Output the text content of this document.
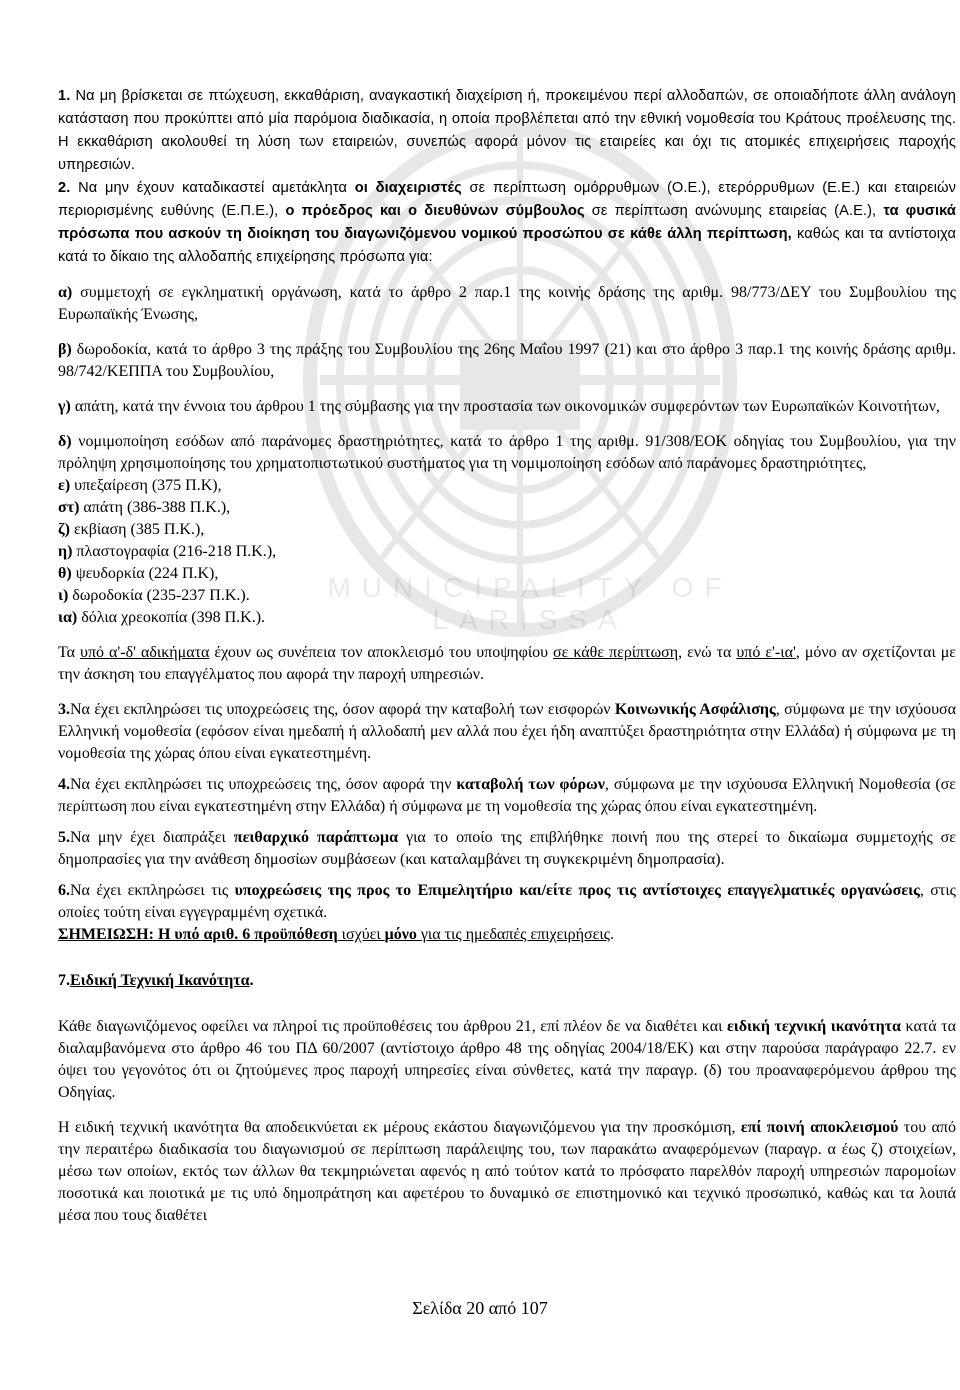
MUNICIPALITY OF LARISSA

1. Να μη βρίσκεται σε πτώχευση, εκκαθάριση, αναγκαστική διαχείριση ή, προκειμένου περί αλλοδαπών, σε οποιαδήποτε άλλη ανάλογη κατάσταση που προκύπτει από μία παρόμοια διαδικασία, η οποία προβλέπεται από την εθνική νομοθεσία του Κράτους προέλευσης της. Η εκκαθάριση ακολουθεί τη λύση των εταιρειών, συνεπώς αφορά μόνον τις εταιρείες και όχι τις ατομικές επιχειρήσεις παροχής υπηρεσιών.

2. Να μην έχουν καταδικαστεί αμετάκλητα οι διαχειριστές σε περίπτωση ομόρρυθμων (Ο.Ε.), ετερόρρυθμων (Ε.Ε.) και εταιρειών περιορισμένης ευθύνης (Ε.Π.Ε.), ο πρόεδρος και ο διευθύνων σύμβουλος σε περίπτωση ανώνυμης εταιρείας (Α.Ε.), τα φυσικά πρόσωπα που ασκούν τη διοίκηση του διαγωνιζόμενου νομικού προσώπου σε κάθε άλλη περίπτωση, καθώς και τα αντίστοιχα κατά το δίκαιο της αλλοδαπής επιχείρησης πρόσωπα για:

α) συμμετοχή σε εγκληματική οργάνωση, κατά το άρθρο 2 παρ.1 της κοινής δράσης της αριθμ. 98/773/ΔΕΥ του Συμβουλίου της Ευρωπαϊκής Ένωσης,

β) δωροδοκία, κατά το άρθρο 3 της πράξης του Συμβουλίου της 26ης Μαΐου 1997 (21) και στο άρθρο 3 παρ.1 της κοινής δράσης αριθμ. 98/742/ΚΕΠΠΑ του Συμβουλίου,

γ) απάτη, κατά την έννοια του άρθρου 1 της σύμβασης για την προστασία των οικονομικών συμφερόντων των Ευρωπαϊκών Κοινοτήτων,

δ) νομιμοποίηση εσόδων από παράνομες δραστηριότητες, κατά το άρθρο 1 της αριθμ. 91/308/ΕΟΚ οδηγίας του Συμβουλίου, για την πρόληψη χρησιμοποίησης του χρηματοπιστωτικού συστήματος για τη νομιμοποίηση εσόδων από παράνομες δραστηριότητες,

ε) υπεξαίρεση (375 Π.Κ),

στ) απάτη (386-388 Π.Κ.),

ζ) εκβίαση (385 Π.Κ.),

η) πλαστογραφία (216-218 Π.Κ.),

θ) ψευδορκία (224 Π.Κ),

ι) δωροδοκία (235-237 Π.Κ.).

ια) δόλια χρεοκοπία (398 Π.Κ.).

Τα υπό α'-δ' αδικήματα έχουν ως συνέπεια τον αποκλεισμό του υποψηφίου σε κάθε περίπτωση, ενώ τα υπό ε'-ια', μόνο αν σχετίζονται με την άσκηση του επαγγέλματος που αφορά την παροχή υπηρεσιών.

3.Να έχει εκπληρώσει τις υποχρεώσεις της, όσον αφορά την καταβολή των εισφορών Κοινωνικής Ασφάλισης, σύμφωνα με την ισχύουσα Ελληνική νομοθεσία (εφόσον είναι ημεδαπή ή αλλοδαπή μεν αλλά που έχει ήδη αναπτύξει δραστηριότητα στην Ελλάδα) ή σύμφωνα με τη νομοθεσία της χώρας όπου είναι εγκατεστημένη.

4.Να έχει εκπληρώσει τις υποχρεώσεις της, όσον αφορά την καταβολή των φόρων, σύμφωνα με την ισχύουσα Ελληνική Νομοθεσία (σε περίπτωση που είναι εγκατεστημένη στην Ελλάδα) ή σύμφωνα με τη νομοθεσία της χώρας όπου είναι εγκατεστημένη.

5.Να μην έχει διαπράξει πειθαρχικό παράπτωμα για το οποίο της επιβλήθηκε ποινή που της στερεί το δικαίωμα συμμετοχής σε δημοπρασίες για την ανάθεση δημοσίων συμβάσεων (και καταλαμβάνει τη συγκεκριμένη δημοπρασία).

6.Να έχει εκπληρώσει τις υποχρεώσεις της προς το Επιμελητήριο και/είτε προς τις αντίστοιχες επαγγελματικές οργανώσεις, στις οποίες τούτη είναι εγγεγραμμένη σχετικά.

ΣΗΜΕΙΩΣΗ: Η υπό αριθ. 6 προϋπόθεση ισχύει μόνο για τις ημεδαπές επιχειρήσεις.

7.Ειδική Τεχνική Ικανότητα.

Κάθε διαγωνιζόμενος οφείλει να πληροί τις προϋποθέσεις του άρθρου 21, επί πλέον δε να διαθέτει και ειδική τεχνική ικανότητα κατά τα διαλαμβανόμενα στο άρθρο 46 του ΠΔ 60/2007 (αντίστοιχο άρθρο 48 της οδηγίας 2004/18/ΕΚ) και στην παρούσα παράγραφο 22.7. εν όψει του γεγονότος ότι οι ζητούμενες προς παροχή υπηρεσίες είναι σύνθετες, κατά την παραγρ. (δ) του προαναφερόμενου άρθρου της Οδηγίας.

Η ειδική τεχνική ικανότητα θα αποδεικνύεται εκ μέρους εκάστου διαγωνιζόμενου για την προσκόμιση, επί ποινή αποκλεισμού του από την περαιτέρω διαδικασία του διαγωνισμού σε περίπτωση παράλειψης του, των παρακάτω αναφερόμενων (παραγρ. α έως ζ) στοιχείων, μέσω των οποίων, εκτός των άλλων θα τεκμηριώνεται αφενός η από τούτον κατά το πρόσφατο παρελθόν παροχή υπηρεσιών παρομοίων ποσοτικά και ποιοτικά με τις υπό δημοπράτηση και αφετέρου το δυναμικό σε επιστημονικό και τεχνικό προσωπικό, καθώς και τα λοιπά μέσα που τους διαθέτει

Σελίδα 20 από 107
